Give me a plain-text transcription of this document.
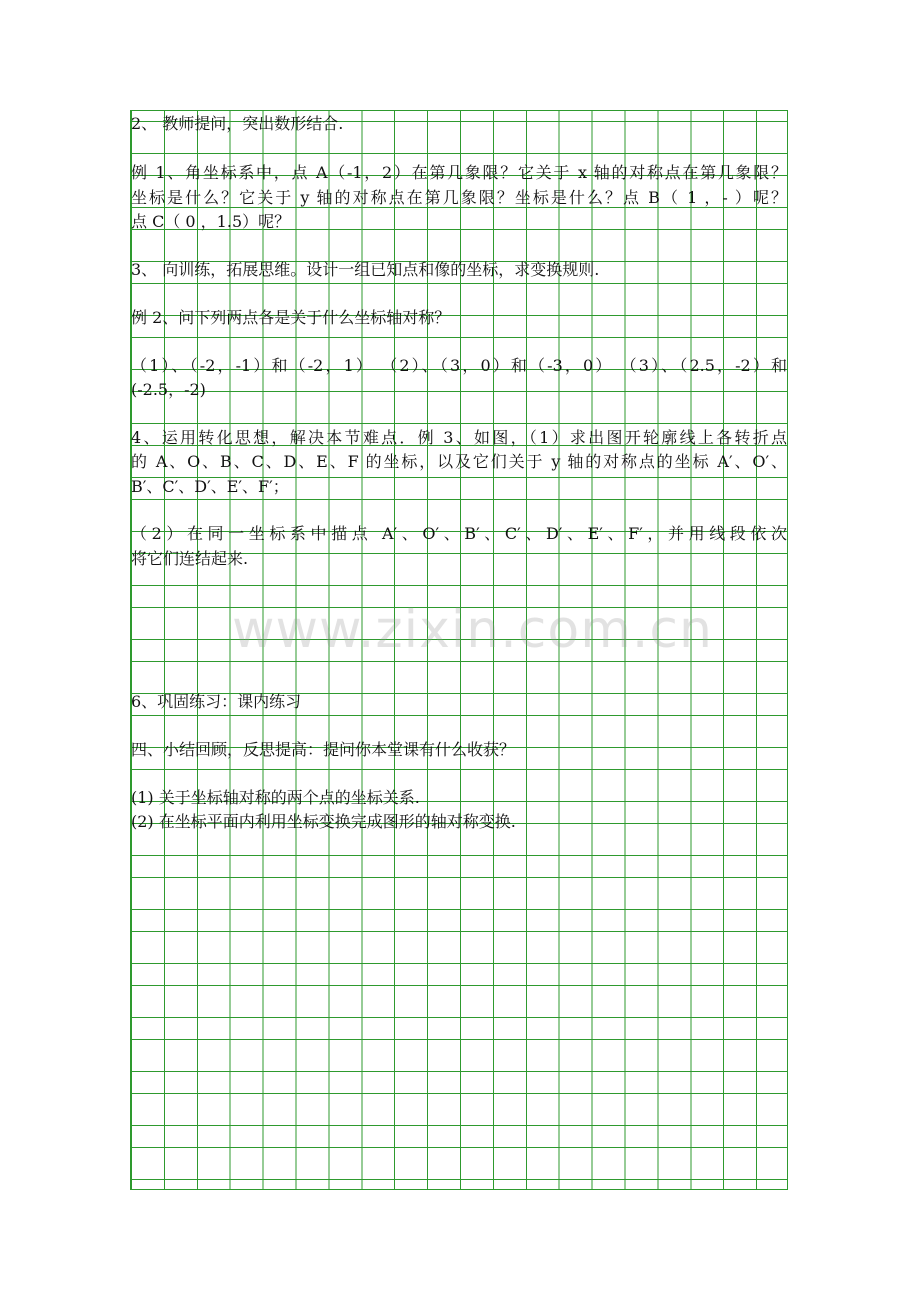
www.zixin.com.cn
2、 教师提问，突出数形结合.
例 1、角坐标系中，点 A（-1，2）在第几象限？它关于 x 轴的对称点在第几象限？
坐标是什么？它关于 y 轴的对称点在第几象限？坐标是什么？点 B（ 1 ，- ）呢？
点 C（ 0 ，1.5）呢？
3、 向训练，拓展思维。设计一组已知点和像的坐标，求变换规则.
例 2、问下列两点各是关于什么坐标轴对称？
（1）、（-2，-1）和（-2，1） （2）、（3，0）和（-3，0） （3）、（2.5，-2）和
(-2.5，-2)
4、运用转化思想，解决本节难点．例 3、如图，（1）求出图开轮廓线上各转折点
的 A、O、B、C、D、E、F 的坐标，以及它们关于 y 轴的对称点的坐标 A′、O′、
B′、C′、D′、E′、F′；
（2）在同一坐标系中描点 A′、O′、B′、C′、D′、E′、F′，并用线段依次
将它们连结起来.
6、巩固练习：课内练习
四、小结回顾，反思提高：提问你本堂课有什么收获？
(1) 关于坐标轴对称的两个点的坐标关系.
(2) 在坐标平面内利用坐标变换完成图形的轴对称变换.
